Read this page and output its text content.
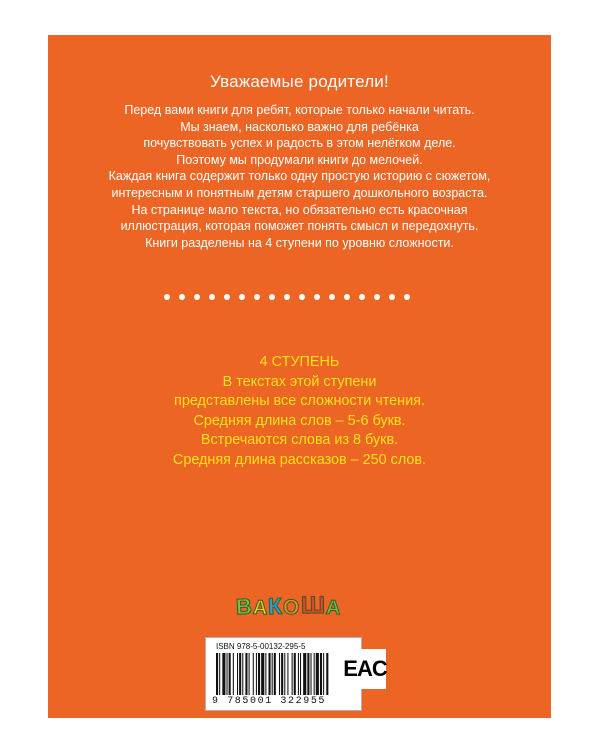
Уважаемые родители!
Перед вами книги для ребят, которые только начали читать.
Мы знаем, насколько важно для ребёнка
почувствовать успех и радость в этом нелёгком деле.
Поэтому мы продумали книги до мелочей.
Каждая книга содержит только одну простую историю с сюжетом,
интересным и понятным детям старшего дошкольного возраста.
На странице мало текста, но обязательно есть красочная
иллюстрация, которая поможет понять смысл и передохнуть.
Книги разделены на 4 ступени по уровню сложности.
4 СТУПЕНЬ
В текстах этой ступени
представлены все сложности чтения.
Средняя длина слов – 5-6 букв.
Встречаются слова из 8 букв.
Средняя длина рассказов – 250 слов.
В А К О Ш А
ISBN 978-5-00132-295-5
9 785001 322955
EAC
